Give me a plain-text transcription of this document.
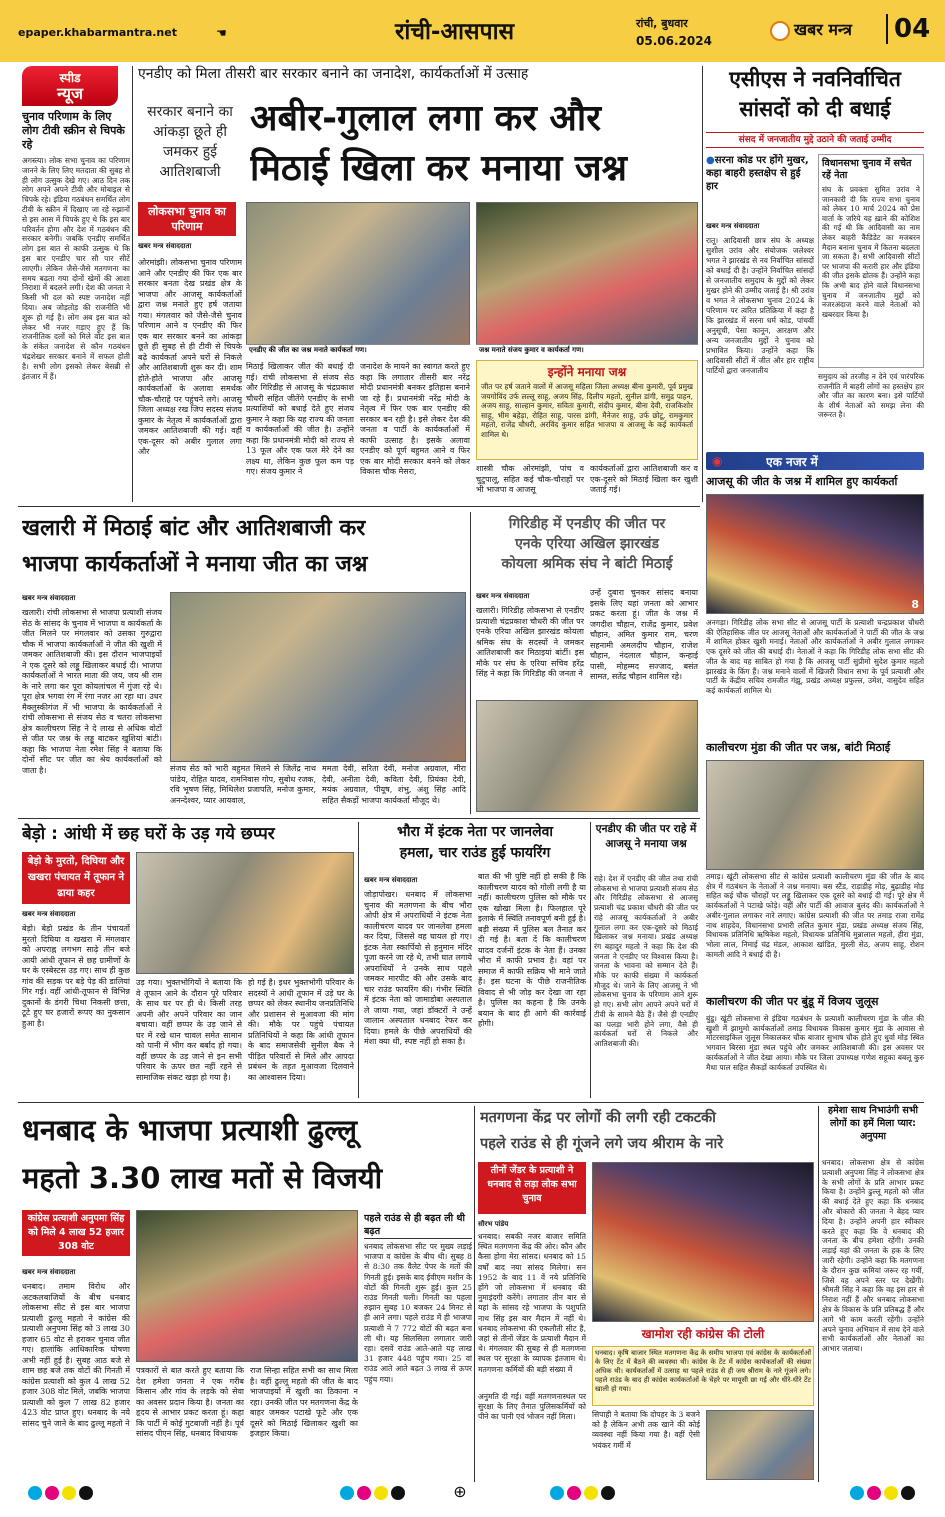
epaper.khabarmantra.net	☚	रांची-आसपास	रांची, बुधवार
05.06.2024
खबर मन्त्र	04
स्पीड
न्यूज
चुनाव परिणाम के लिए लोग टीवी स्क्रीन से चिपके रहे
अगस्त्या। लोक सभा चुनाव का परिणाम जानने के लिए लिए मतदाता की सुबह से ही लोग उत्सुक देखे गए। आठ दिन तक लोग अपने अपने टीवी और मोबाइल से चिपके रहे। इंडिया गठबंधन समर्थित लोग टीवी के स्क्रीन में दिखाए जा रहे रुझानों से इस आस में चिपके हुए थे कि इस बार परिवर्तन होगा और देश में गठबंधन की सरकार बनेगी। जबकि एनडीए समर्थित लोग इस बात से काफी उत्सुक थे कि इस बार एनडीए चार सौ पार सीटें लाएगी। लेकिन जैसे-जैसे मतगणना का समय बढ़ता गया दोनों खेमों की आशा निराशा में बदलने लगी। देश की जनता ने किसी भी दल को स्पष्ट जनादेश नहीं दिया। अब जोड़तोड़ की राजनीति भी शुरू हो गई है। लोग अब इस बात को लेकर भी नजर गड़ाए हुए हैं कि राजनीतिक दलों को मिले वोट इस बात के संकेत जनादेश से कौन गठबंधन चंद्रशेखर सरकार बनाने में सफल होती है। सभी लोग इसको लेकर बेसब्री से इंतजार में हैं।
एनडीए को मिला तीसरी बार सरकार बनाने का जनादेश, कार्यकर्ताओं में उत्साह
सरकार बनाने का आंकड़ा छूते ही जमकर हुई आतिशबाजी
अबीर-गुलाल लगा कर और
मिठाई खिला कर मनाया जश्न
लोकसभा चुनाव का परिणाम
खबर मन्त्र संवाददाता
ओरमांझी। लोकसभा चुनाव परिणाम आने और एनडीए की फिर एक बार सरकार बनता देख प्रखंड क्षेत्र के भाजपा और आजसू कार्यकर्ताओं द्वारा जश्न मनाते हुए हर्ष जताया गया। मंगलवार को जैसे-जैसे चुनाव परिणाम आने व एनडीए की फिर एक बार सरकार बनने का आंकड़ा छूते ही सुबह से ही टीवी से चिपके बढ़े कार्यकर्ता अपने घरों से निकले और आतिशबाजी शुरू कर दी। शाम होते-होते भाजपा और आजसू कार्यकर्ताओं के अलावा समर्थक चौक-चौराहे पर पहुंचने लगे। आजसू जिला अध्यक्ष रख जिप सदस्य संजय कुमार के नेतृत्व में कार्यकर्ताओं द्वारा जमकर आतिशबाजी की गई। वहीं एक-दूसर को अबीर गुलाल लगा और
एनडीए की जीत का जश्न मनाते कार्यकर्ता गण।
मिठाई खिलाकर जीत की बधाई दी गई। रांची लोकसभा से संजय सेठ और गिरिडीह से आजसू के चंद्रप्रकाश चौधरी सहित जीतेंगे एनडीए के सभी प्रत्याशियों को बधाई देते हुए संजय कुमार ने कहा कि यह राज्य की जनता व कार्यकर्ताओं की जीत है। उन्होंने कहा कि प्रधानमंत्री मोदी को राज्य से 13 फूल और एक फल मेरे देने का लक्ष्य था, लेकिन कुछ फूल कम पड़ गए। संजय कुमार ने
जनादेश के मायने का स्वागत करते हुए कहा कि लगातार तीसरी बार नरेंद्र मोदी प्रधानमंत्री बनकर इतिहास बनाने जा रहे हैं। प्रधानमंत्री नरेंद्र मोदी के नेतृत्व में फिर एक बार एनडीए की सरकार बन रही है। इसे लेकर देश की जनता व पार्टी के कार्यकर्ताओं में काफी उत्साह है। इसके अलावा एनडीए को पूर्ण बहुमत आने व फिर एक बार मोदी सरकार बनने को लेकर विकास चौक मेसरा,
जश्न मनाते संजय कुमार व कार्यकर्ता गण।
इन्होंने मनाया जश्न
जीत पर हर्ष जताने वालों में आजसू महिला जिला अध्यक्ष बीना कुमारी, पूर्व प्रमुख जयगोविंद उर्फ लल्लू साहू, अजय सिंह, दिलीप महतो, सुनील डांगी, समुद्र पाहन, अजय साहू, साल्हान कुमार, सविता कुमारी, संदीप कुमार, बीना देवी, राजकिशोर साहू, भीम बहेड़ा, रोहित साहू, पारस डांगी, मैनेजर साहू, उर्फ छोटू, रामकुमार महतो, राजेंद्र चौधरी, अरविंद कुमार सहित भाजपा व आजसू के कई कार्यकर्ता शामिल थे।
शास्त्री चौक ओरमांझी, पांच व चुटुपालू, सहित कई चौक-चौराहों पर भी भाजपा व आजसू
कार्यकर्ताओं द्वारा आतिशबाजी कर व एक-दूसरे को मिठाई खिला कर खुशी जताई गई।
एसीएस ने नवनिर्वाचित सांसदों को दी बधाई
संसद में जनजातीय मुद्दे उठाने की जताई उम्मीद
●सरना कोड पर होंगे मुखर, कहा बाहरी हस्तक्षेप से हुई हार
खबर मन्त्र संवाददाता
रातू। आदिवासी छात्र संघ के अध्यक्ष सुशील उरांव और संयोजक जलेश्वर भगत ने झारखंड से नव निर्वाचित सांसदों को बधाई दी है। उन्होंने निर्वाचित सांसदों से जनजातीय समुदाय के मुद्दों को लेकर मुखर होने की उम्मीद जताई है। श्री उरांव व भगत ने लोकसभा चुनाव 2024 के परिणाम पर त्वरित प्रतिक्रिया में कहा है कि झारखंड में सरना धर्म कोड, पांचवीं अनुसूची, पेसा कानून, आरक्षण और अन्य जनजातीय मुद्दों ने चुनाव को प्रभावित किया। उन्होंने कहा कि आदिवासी सीटों में जीत और हार राष्ट्रीय पार्टियों द्वारा जनजातीय
विधानसभा चुनाव में सचेत रहें नेता
संघ के प्रवक्ता सुमित उरांव ने जानकारी दी कि राज्य सभा चुनाव को लेकर 10 मार्च 2024 को प्रेस वार्ता के जरिये यह ख़ाने की कोशिश की गई थी कि आदिवासी का नाम लेकर बाहरी कैंडिडेट का मजबरन मैदान बनाना चुनाव में कितना बदलता जा सकता है। सभी आदिवासी सीटों पर भाजपा की करारी हार और इंडिया की जीत इसके द्योतक हैं। उन्होंने कहा कि अभी बाद होने वाले विधानसभा चुनाव में जनजातीय मुद्दों को नजरअंदाज करने वाले नेताओं को खबरदार किया है।
समुदाय को तरजीह न देने एवं पारंपरिक राजनीति में बाहरी लोगों का हस्तक्षेप हार और जीत का कारण बना। इसे पार्टियों के शीर्ष नेताओं को समझ लेना की जरूरत है।
◉	एक नजर में
आजसू की जीत के जश्न में शामिल हुए कार्यकर्ता
8
अनगड़ा। गिरिडीह लोक सभा सीट से आजसू पार्टी के प्रत्याशी चन्द्रप्रकाश चौधरी की ऐतिहासिक जीत पर आजसू नेताओं और कार्यकर्ताओं ने पार्टी की जीत के जश्न में शामिल होकर खुशी मनाई। नेताओं और कार्यकर्ताओं ने अबीर गुलाल लगाकर एक दूसरे को जीत की बधाई दी। नेताओं ने कहा कि गिरिडीह लोक सभा सीट की जीत के बाद यह साबित हो गया है कि आजसू पार्टी सुप्रीमो सुदेश कुमार महतो झारखंड के किंग हैं। जश्न मनाने वालों में खिजरी विधान सभा के पूर्व प्रत्याशी और पार्टी के केंद्रीय सचिव रामजीत गंझू, प्रखंड अध्यक्ष प्रफुल्ल, उमेश, वासुदेव सहित कई कार्यकर्ता शामिल थे।
कालीचरण मुंडा की जीत पर जश्न, बांटी मिठाई
तमाड़। खूंटी लोकसभा सीट से कांग्रेस प्रत्याशी कालीचरण मुंडा की जीत के बाद क्षेत्र में गठबंधन के नेताओं ने जश्न मनाया। बस स्टैंड, राड़ाडीह मोड़, बुढ़ाडीह मोड़ सहित कई चौक चौराहों पर लड्डू खिलाकर एक दूसरे को बधाई दी गई। पूरे क्षेत्र में कार्यकर्ताओं ने पटाखे फोड़े। वहीं और पार्टी की आवाज बुलंद की। कार्यकर्ताओं ने अबीर-गुलाल लगाकर नारे लगाए। कांग्रेस प्रत्याशी की जीत पर तमाड़ राजा रामेंद्र नाथ शाहदेव, विधानसभा प्रभारी ललित कुमार मुंडा, प्रखंड अध्यक्ष संजय सिंह, विधायक प्रतिनिधि ऋषिकेश महतो, विधायक प्रतिनिधि मुन्नालाल महतो, हीरा मुंडा, भोला लाल, निमाई चंद्र मंडल, आकाश खांडित, मुरली सेठ, अजय साहू, रोशन कामती आदि ने बधाई दी है।
कालीचरण की जीत पर बुंडू में विजय जुलूस
बुंडू। खूंटी लोकसभा से इंडिया गठबंधन के प्रत्याशी कालीचरण मुंडा के जीत की खुशी में झामुमो कार्यकर्ताओं तमाड़ विधायक विकास कुमार मुंडा के आवास से मोटरसाइकिल जुलूस निकालकर चौक बाजार सुभाष चौक होते हुए धुर्वा मोड़ स्थित भगवान बिरसा मुंडा स्थल पहुंचे और जमकर आतिशबाजी की। इस अवसर पर कार्यकर्ताओं ने जीत देखा आया। मौके पर जिला उपाध्यक्ष गणेश सहूका बबलू कुरु मैथा पाल सहित सैकड़ों कार्यकर्ता उपस्थित थे।
खलारी में मिठाई बांट और आतिशबाजी कर
भाजपा कार्यकर्ताओं ने मनाया जीत का जश्न
खबर मन्त्र संवाददाता
खलारी। रांची लोकसभा से भाजपा प्रत्याशी संजय सेठ के सांसद के चुनाव में भाजपा व कार्यकर्ता के जीत मिलने पर मंगलवार को उसका गुरुद्वारा चौक में भाजपा कार्यकर्ताओं ने जीत की खुशी में जमकर आतिशबाजी की। इस दौरान भाजपाइयों ने एक दूसरे को लड्डू खिलाकर बधाई दी। भाजपा कार्यकर्ताओं ने भारत माता की जय, जय श्री राम के नारे लगा कर पूरा कोयलांचल में गुंजा रहे थे। पूरा क्षेत्र भगवा रंग में रंगा नजर आ रहा था। उधर मैक्लुस्कीगंज में भी भाजपा के कार्यकर्ताओं ने रांची लोकसभा से संजय सेठ व चतरा लोकसभा क्षेत्र कालीचरण सिंह ने दे लाख से अधिक वोटों से जीत पर जश्न के लड्डू बाटकर खुशियां बांटी। कहा कि भाजपा नेता रमेश सिंह ने बताया कि दोनों सीट पर जीत का श्रेय कार्यकर्ताओं को जाता है।	संजय सेठ को भारी बहुमत मिलने से जिलेंद्र नाथ पांडेय, रोहित यादव, रामनिवास गोप, सुबोध रजक, रवि भूषण सिंह, मिथिलेश प्रजापति, मनोज कुमार, अनन्देश्वर, प्यार आयवाल,
ममता देवी, सरिता देवी, मनोज अग्रवाल, मीरा देवी, अनीता देवी, कविता देवी, प्रियंका देवी, मयंक अग्रवाल, पीयूष, शंभु, अंशु सिंह आदि सहित सैकड़ों भाजपा कार्यकर्ता मौजूद थे।
गिरिडीह में एनडीए की जीत पर
एनके एरिया अखिल झारखंड
कोयला श्रमिक संघ ने बांटी मिठाई
खबर मन्त्र संवाददाता
खलारी। गिरिडीह लोकसभा से एनडीए प्रत्याशी चंद्रप्रकाश चौधरी की जीत पर एनके एरिया अखिल झारखंड कोयला श्रमिक संघ के सदस्यों ने जमकर आतिशबाजी कर मिठाइयां बांटीं। इस मौके पर संघ के एरिया सचिव हरेंद्र सिंह ने कहा कि गिरिडीह की जनता ने
उन्हें दुबारा चुनकर सांसद बनाया इसके लिए यहां जनता को आभार प्रकट करता हूं। जीत के जश्न में जगदीश चौहान, राजेंद्र कुमार, प्रवेश चौहान, अमित कुमार राम, चरण सहनामी अमलदीप चौहान, राजेश चौहान, नंदलाल चौहान, कन्हाई पासी, मोहम्मद सज्जाद, बसंत सामत, सतेंद्र चौहान शामिल रहे।
बेड़ो : आंधी में छह घरों के उड़ गये छप्पर
बेड़ो के मुरतो, दिघिया और खखरा पंचायत में तूफान ने ढाया कहर
खबर मन्त्र संवाददाता
बेड़ो। बेड़ो प्रखंड के तीन पंचायतों मुरतो दिघिया व खखरा में मंगलवार को अपराह्न लगभग साढ़े तीन बजे आयी आंधी तूफान से छह ग्रामीणों के घर के एस्बेस्टस उड़ गए। साथ ही कुछ गांव की सड़क पर बड़े पेड़ की डालियां गिर गई। वहीं आंधी-तूफान से विभिन्न दुकानों के डंगरी चिथा निकसी छत्ता, टूटे हुए घर हजारों रूपए का नुकसान हुआ है।
उड़ गया। भुक्तभोगियों ने बताया कि वे तूफान आने के दौरान पूरे परिवार के साथ घर पर ही थे। किसी तरह अपनी और अपने परिवार का जान बचाया। वहीं छप्पर के उड़ जाने से घर में रखे धान चावल समेत सामान को पानी में भीग कर बर्बाद हो गया। वहीं छप्पर के उड़ जाने से इन सभी परिवार के ऊपर छत नहीं रहने से सामाजिक संकट खड़ा हो गया है।
हो गई है। इधर भुक्तभोगी परिवार के सदस्यों ने आंधी तूफान में उड़े घर के छप्पर को लेकर स्थानीय जनप्रतिनिधि और प्रशासन से मुआवजा की मांग की। मौके पर पहुंचे पंचायत प्रतिनिधियों ने कहा कि आंधी तूफान के बाद समाजसेवी सुनील बैक ने पीड़ित परिवारों से मिले और आपदा प्रबंधन के तहत मुआवजा दिलवाने का आश्वासन दिया।
भौरा में इंटक नेता पर जानलेवा
हमला, चार राउंड हुई फायरिंग
खबर मन्त्र संवाददाता
जोड़ापोखर। धनबाद में लोकसभा चुनाव की मतगणना के बीच भौरा ओपी क्षेत्र में अपराधियों ने इंटक नेता कालीचरण यादव पर जानलेवा हमला कर दिया, जिससे वह घायल हो गए। इंटक नेता स्कार्पियो से हनुमान मंदिर पूजा करने जा रहे थे, तभी घात लगाये अपराधियों ने उनके साथ पहले जमकर मारपीट की और उसके बाद चार राउंड फायरिंग की। गंभीर स्थिति में इंटक नेता को जामाडोबा अस्पताल ले जाया गया, जहां डॉक्टरों ने उन्हें जालान अस्पताल धनबाद रेफर कर दिया। हमले के पीछे अपराधियों की मंशा क्या थी, स्पष्ट नहीं हो सका है।
बात की भी पुष्टि नहीं हो सकी है कि कालीचरण यादव को गोली लगी है या नहीं। कालीचरण पुलिस को मौके पर एक खोखा मिला है। फिलहाल पूरे इलाके में स्थिति तनावपूर्ण बनी हुई है। बड़ी संख्या में पुलिस बल तैनात कर दी गई है। बता दें कि कालीचरण यादव दर्जनों इंटक के नेता हैं। उनका भौरा में काफी प्रभाव है। वहां पर समाज में काफी सक्रिय भी माने जाते हैं। इस घटना के पीछे राजनीतिक विवाद से भी जोड़ कर देखा जा रहा है। पुलिस का कहना है कि उनके बयान के बाद ही आगे की कार्रवाई होगी।
एनडीए की जीत पर राहे में आजसू ने मनाया जश्न
राहे। देश में एनडीए की जीत तथा रांची लोकसभा से भाजपा प्रत्याशी संजय सेठ और गिरिडीह लोकसभा से आजसू प्रत्याशी चंद्र प्रकाश चौधरी की जीत पर राहे आजसू कार्यकर्ताओं ने अबीर गुलाल लगा कर एक-दूसरे को मिठाई खिलाकर जश्न मनाया। प्रखंड अध्यक्ष रंग बहादुर महतो ने कहा कि देश की जनता ने एनडीए पर विश्वास किया है। जनता के भावना को सम्मान देते हैं। मौके पर काफी संख्या में कार्यकर्ता मौजूद थे। जाने के लिए आजसू ने भी लोकसभा चुनाव के परिणाम आने शुरू हो गए। सभी लोग आपने अपने घरों में टीवी के सामने बैठे हैं। जैसे ही एनडीए का पलड़ा भारी होने लगा, वैसे ही कार्यकर्ता घरों से निकले और आतिशबाजी की।
धनबाद के भाजपा प्रत्याशी ढुल्लू
महतो 3.30 लाख मतों से विजयी
कांग्रेस प्रत्याशी अनुपमा सिंह को मिले 4 लाख 52 हजार 308 वोट
खबर मन्त्र संवाददाता
धनबाद। तमाम विरोध और अटकलबाजियों के बीच धनबाद लोकसभा सीट से इस बार भाजपा प्रत्याशी ढुल्लू महतो ने कांग्रेस की प्रत्याशी अनुपमा सिंह को 3 लाख 30 हजार 65 वोट से हराकर चुनाव जीत गए। हालांकि आधिकारिक घोषणा अभी नहीं हुई है। सुबह आठ बजे से शाम छह बजे तक वोटों की गिनती में कांग्रेस प्रत्याशी को कुल 4 लाख 52 हजार 308 वोट मिले, जबकि भाजपा प्रत्याशी को कुल 7 लाख 82 हजार 423 वोट प्राप्त हुए। धनबाद के नये सांसद चुने जाने के बाद ढुल्लू महतो ने
पत्रकारों से बात करते हुए बताया कि देश हमेशा जनता ने एक गरीब किसान और गांव के लड़के को सेवा का अवसर प्रदान किया है। जनता का हृदय से आभार प्रकट करता हूं। कहा कि पार्टी में कोई गुटबाजी नहीं है। पूर्व सांसद पीएन सिंह, धनबाद विधायक
राज सिन्हा सहित सभी का साथ मिला है। वहीं ढुल्लू महतो की जीत के बाद भाजपाइयों में खुशी का ठिकाना न रहा। उनकी जीत पर मतगणना केंद्र के बाहर जमकर पटाखे फूटे और एक दूसरे को मिठाई खिलाकर खुशी का इजहार किया।
पहले राउंड से ही बढ़त ली थी बढ़त
धनबाद लोकसभा सीट पर मुख्य लड़ाई भाजपा व कांग्रेस के बीच थी। सुबह 8 से 8:30 तक वैलेट पेपर के मतों की गिनती हुई। इसके बाद ईवीएम मशीन के वोटों की गिनती शुरू हुई। कुल 25 राउंड गिनती चली। गिनती का पहला रुझान सुबह 10 बजकर 24 मिनट से ही आने लगा। पहले राउंड में ही भाजपा प्रत्याशी ने 7 772 वोटों की बढ़त बना ली थी। यह सिलसिला लगातार जारी रहा। दसवें राउंड आते-आते यह लाख 31 हजार 448 पहुंच गया। 25 वां राउंड आते आते बढ़त 3 लाख से ऊपर पहुंच गया।
मतगणना केंद्र पर लोगों की लगी रही टकटकी
पहले राउंड से ही गूंजने लगे जय श्रीराम के नारे
तीनों जेंडर के प्रत्याशी ने धनबाद से लड़ा लोक सभा चुनाव
सौरभ पांडेय
धनबाद। सबकी नजर बाजार समिति स्थित मतगणना केंद्र की ओर। कौन और कैसा होगा मेरा सांसद। धनबाद को 15 वर्षों बाद नया सांसद मिलेगा। सन 1952 के बाद 11 वें नये प्रतिनिधि होंगे जो लोकसभा में धनबाद की नुमाइंदगी करेंगे। लगातार तीन बार से यहां के सांसद रहे भाजपा के पशुपति नाथ सिंह इस बार मैदान में नहीं थे। धनबाद लोकसभा की एकलौती सीट है, जहां से तीनों जेंडर के प्रत्याशी मैदान में थे। मंगलवार की सुबह से ही मतगणना स्थल पर सुरक्षा के व्यापक इंतजाम थे। मतगणना कर्मियों की बड़ी संख्या में
खामोश रही कांग्रेस की टोली
धनबाद। कृषि बाजार स्थित मतगणना केंद्र के समीप भाजपा एवं कांग्रेस के कार्यकर्ताओं के लिए टेंट में बैठने की व्यवस्था थी। कांग्रेस के टेंट में कांग्रेस कार्यकर्ताओं की संख्या अधिक थी। कार्यकर्ताओं में उत्साह था पहले राउंड से ही जय श्रीराम के नारे गूंजने लगे। पहले राउंड के बाद ही कांग्रेस कार्यकर्ताओं के चेहरे पर मायूसी छा गई और धीरे-धीरे टेंट खाली हो गया।
अनुमति दी गई। वहीं मतगणनास्थल पर सुरक्षा के लिए तैनात पुलिसकर्मियों को पीने का पानी एवं भोजन नहीं मिला।	सिपाही ने बताया कि दोपहर के 3 बजने को है लेकिन अभी तक खाने की कोई व्यवस्था नहीं किया गया है। वहीं ऐसी भयंकर गर्मी में
हमेशा साथ निभाउंगी सभी लोगों का हमें मिला प्यार: अनुपमा
धनबाद। लोकसभा क्षेत्र से कांग्रेस प्रत्याशी अनुपमा सिंह ने लोकसभा क्षेत्र के सभी लोगों के प्रति आभार प्रकट किया है। उन्होंने ढुल्लू महतो को जीत की बधाई देते हुए कहा कि धनबाद और बोकारो की जनता ने बेहद प्यार दिया है। उन्होंने अपनी हार स्वीकार करते हुए कहा कि वे धनबाद की जनता के बीच हमेशा रहेंगी। उनकी लड़ाई यहां की जनता के हक के लिए जारी रहेगी। उन्होंने कहा कि मतगणना के दौरान कुछ कमियां जरूर रह गयीं, जिसे वह अपने स्तर पर देखेंगी। श्रीमती सिंह ने कहा कि वह इस हार से निराश नहीं हैं और धनबाद लोकसभा क्षेत्र के विकास के प्रति प्रतिबद्ध हैं और आगे भी काम करती रहेंगी। उन्होंने अपने चुनाव अभियान में साथ देने वाले सभी कार्यकर्ताओं और नेताओं का आभार जताया।
⊕
